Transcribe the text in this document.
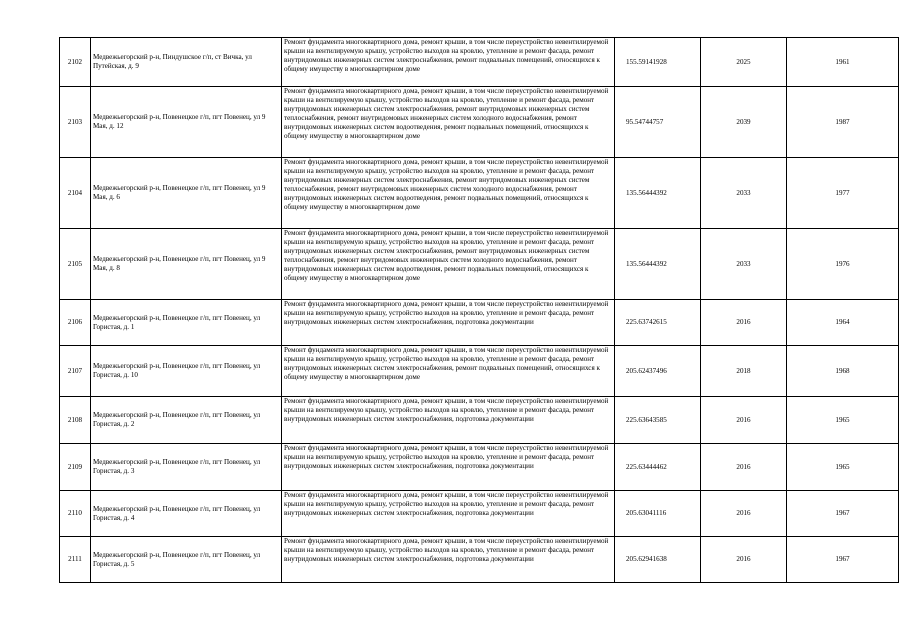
2102	Медвежьегорский р-н, Пиндушское г/п, ст Вичка, ул Путейская, д. 9	Ремонт фундамента многоквартирного дома, ремонт крыши, в том числе переустройство невентилируемой крыши на вентилируемую крышу, устройство выходов на кровлю, утепление и ремонт фасада, ремонт внутридомовых инженерных систем электроснабжения, ремонт подвальных помещений, относящихся к общему имуществу в многоквартирном доме	155.59141928	2025	1961
2103	Медвежьегорский р-н, Повенецкое г/п, пгт Повенец, ул 9 Мая, д. 12	Ремонт фундамента многоквартирного дома, ремонт крыши, в том числе переустройство невентилируемой крыши на вентилируемую крышу, устройство выходов на кровлю, утепление и ремонт фасада, ремонт внутридомовых инженерных систем электроснабжения, ремонт внутридомовых инженерных систем теплоснабжения, ремонт внутридомовых инженерных систем холодного водоснабжения, ремонт внутридомовых инженерных систем водоотведения, ремонт подвальных помещений, относящихся к общему имуществу в многоквартирном доме	95.54744757	2039	1987
2104	Медвежьегорский р-н, Повенецкое г/п, пгт Повенец, ул 9 Мая, д. 6	Ремонт фундамента многоквартирного дома, ремонт крыши, в том числе переустройство невентилируемой крыши на вентилируемую крышу, устройство выходов на кровлю, утепление и ремонт фасада, ремонт внутридомовых инженерных систем электроснабжения, ремонт внутридомовых инженерных систем теплоснабжения, ремонт внутридомовых инженерных систем холодного водоснабжения, ремонт внутридомовых инженерных систем водоотведения, ремонт подвальных помещений, относящихся к общему имуществу в многоквартирном доме	135.56444392	2033	1977
2105	Медвежьегорский р-н, Повенецкое г/п, пгт Повенец, ул 9 Мая, д. 8	Ремонт фундамента многоквартирного дома, ремонт крыши, в том числе переустройство невентилируемой крыши на вентилируемую крышу, устройство выходов на кровлю, утепление и ремонт фасада, ремонт внутридомовых инженерных систем электроснабжения, ремонт внутридомовых инженерных систем теплоснабжения, ремонт внутридомовых инженерных систем холодного водоснабжения, ремонт внутридомовых инженерных систем водоотведения, ремонт подвальных помещений, относящихся к общему имуществу в многоквартирном доме	135.56444392	2033	1976
2106	Медвежьегорский р-н, Повенецкое г/п, пгт Повенец, ул Гористая, д. 1	Ремонт фундамента многоквартирного дома, ремонт крыши, в том числе переустройство невентилируемой крыши на вентилируемую крышу, устройство выходов на кровлю, утепление и ремонт фасада, ремонт внутридомовых инженерных систем электроснабжения, подготовка документации	225.63742615	2016	1964
2107	Медвежьегорский р-н, Повенецкое г/п, пгт Повенец, ул Гористая, д. 10	Ремонт фундамента многоквартирного дома, ремонт крыши, в том числе переустройство невентилируемой крыши на вентилируемую крышу, устройство выходов на кровлю, утепление и ремонт фасада, ремонт внутридомовых инженерных систем электроснабжения, ремонт подвальных помещений, относящихся к общему имуществу в многоквартирном доме	205.62437496	2018	1968
2108	Медвежьегорский р-н, Повенецкое г/п, пгт Повенец, ул Гористая, д. 2	Ремонт фундамента многоквартирного дома, ремонт крыши, в том числе переустройство невентилируемой крыши на вентилируемую крышу, устройство выходов на кровлю, утепление и ремонт фасада, ремонт внутридомовых инженерных систем электроснабжения, подготовка документации	225.63643585	2016	1965
2109	Медвежьегорский р-н, Повенецкое г/п, пгт Повенец, ул Гористая, д. 3	Ремонт фундамента многоквартирного дома, ремонт крыши, в том числе переустройство невентилируемой крыши на вентилируемую крышу, устройство выходов на кровлю, утепление и ремонт фасада, ремонт внутридомовых инженерных систем электроснабжения, подготовка документации	225.63444462	2016	1965
2110	Медвежьегорский р-н, Повенецкое г/п, пгт Повенец, ул Гористая, д. 4	Ремонт фундамента многоквартирного дома, ремонт крыши, в том числе переустройство невентилируемой крыши на вентилируемую крышу, устройство выходов на кровлю, утепление и ремонт фасада, ремонт внутридомовых инженерных систем электроснабжения, подготовка документации	205.63041116	2016	1967
2111	Медвежьегорский р-н, Повенецкое г/п, пгт Повенец, ул Гористая, д. 5	Ремонт фундамента многоквартирного дома, ремонт крыши, в том числе переустройство невентилируемой крыши на вентилируемую крышу, устройство выходов на кровлю, утепление и ремонт фасада, ремонт внутридомовых инженерных систем электроснабжения, подготовка документации	205.62941638	2016	1967
